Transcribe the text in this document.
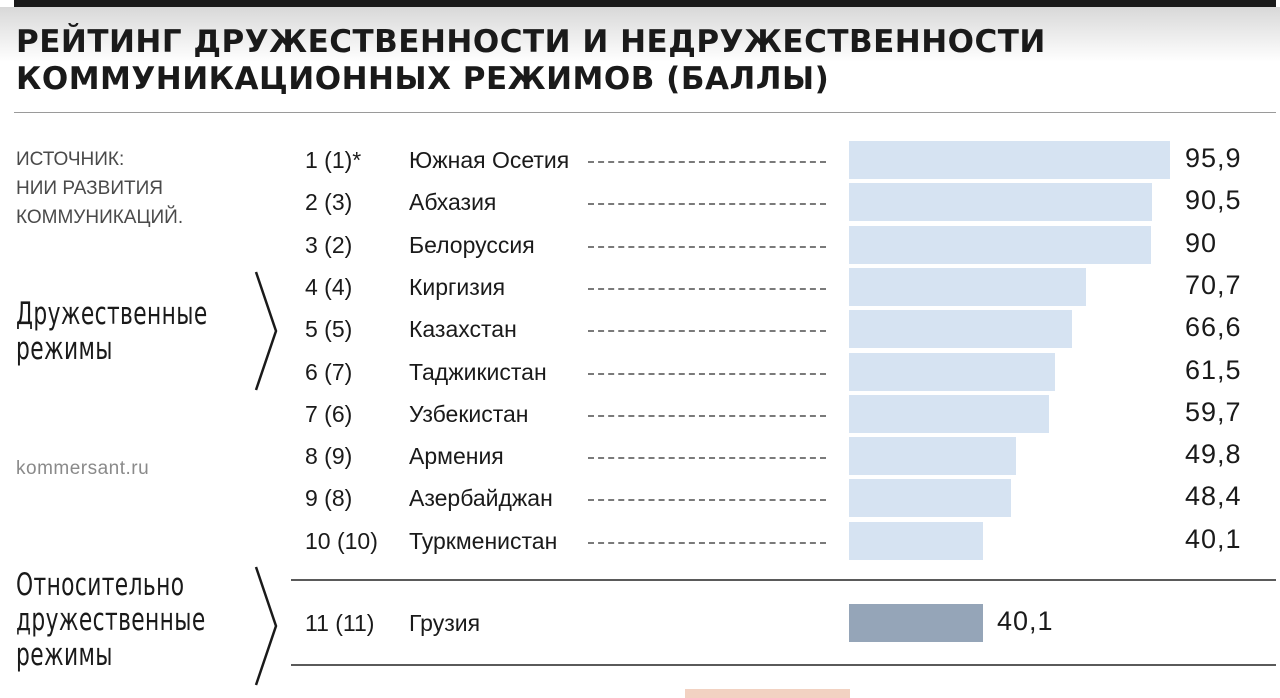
РЕЙТИНГ ДРУЖЕСТВЕННОСТИ И НЕДРУЖЕСТВЕННОСТИ
КОММУНИКАЦИОННЫХ РЕЖИМОВ (БАЛЛЫ)
ИСТОЧНИК:
НИИ РАЗВИТИЯ
КОММУНИКАЦИЙ.
Дружественные
режимы
kommersant.ru
Относительно
дружественные
режимы
1 (1)* Южная Осетия	95,9
2 (3) Абхазия	90,5
3 (2) Белоруссия	90
4 (4) Киргизия	70,7
5 (5) Казахстан	66,6
6 (7) Таджикистан	61,5
7 (6) Узбекистан	59,7
8 (9) Армения	49,8
9 (8) Азербайджан	48,4
10 (10) Туркменистан	40,1
11 (11) Грузия	40,1
